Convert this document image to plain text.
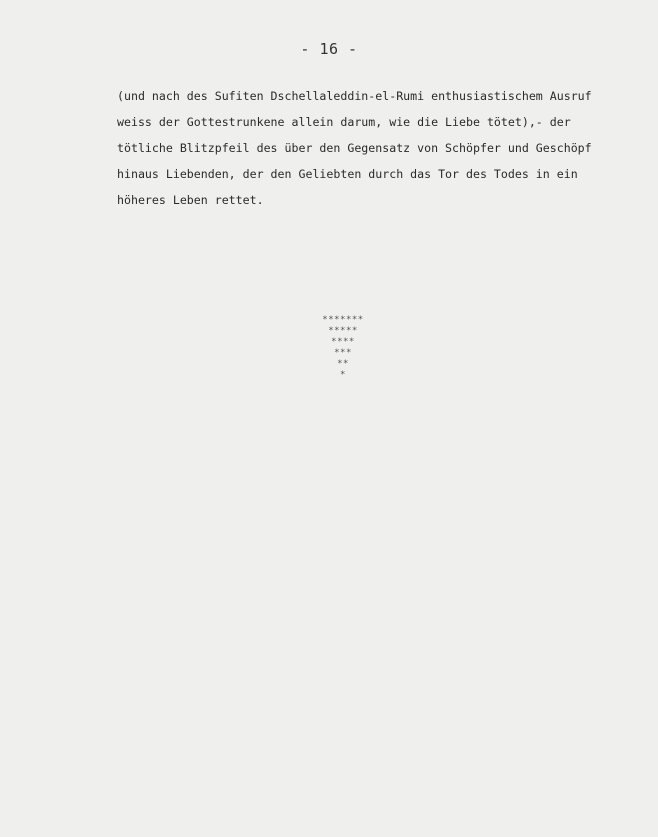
- 16 -
(und nach des Sufiten Dschellaleddin-el-Rumi enthusiastischem Ausruf
weiss der Gottestrunkene allein darum, wie die Liebe tötet),- der
tötliche Blitzpfeil des über den Gegensatz von Schöpfer und Geschöpf
hinaus Liebenden, der den Geliebten durch das Tor des Todes in ein
höheres Leben rettet.
*******
*****
****
***
**
*
